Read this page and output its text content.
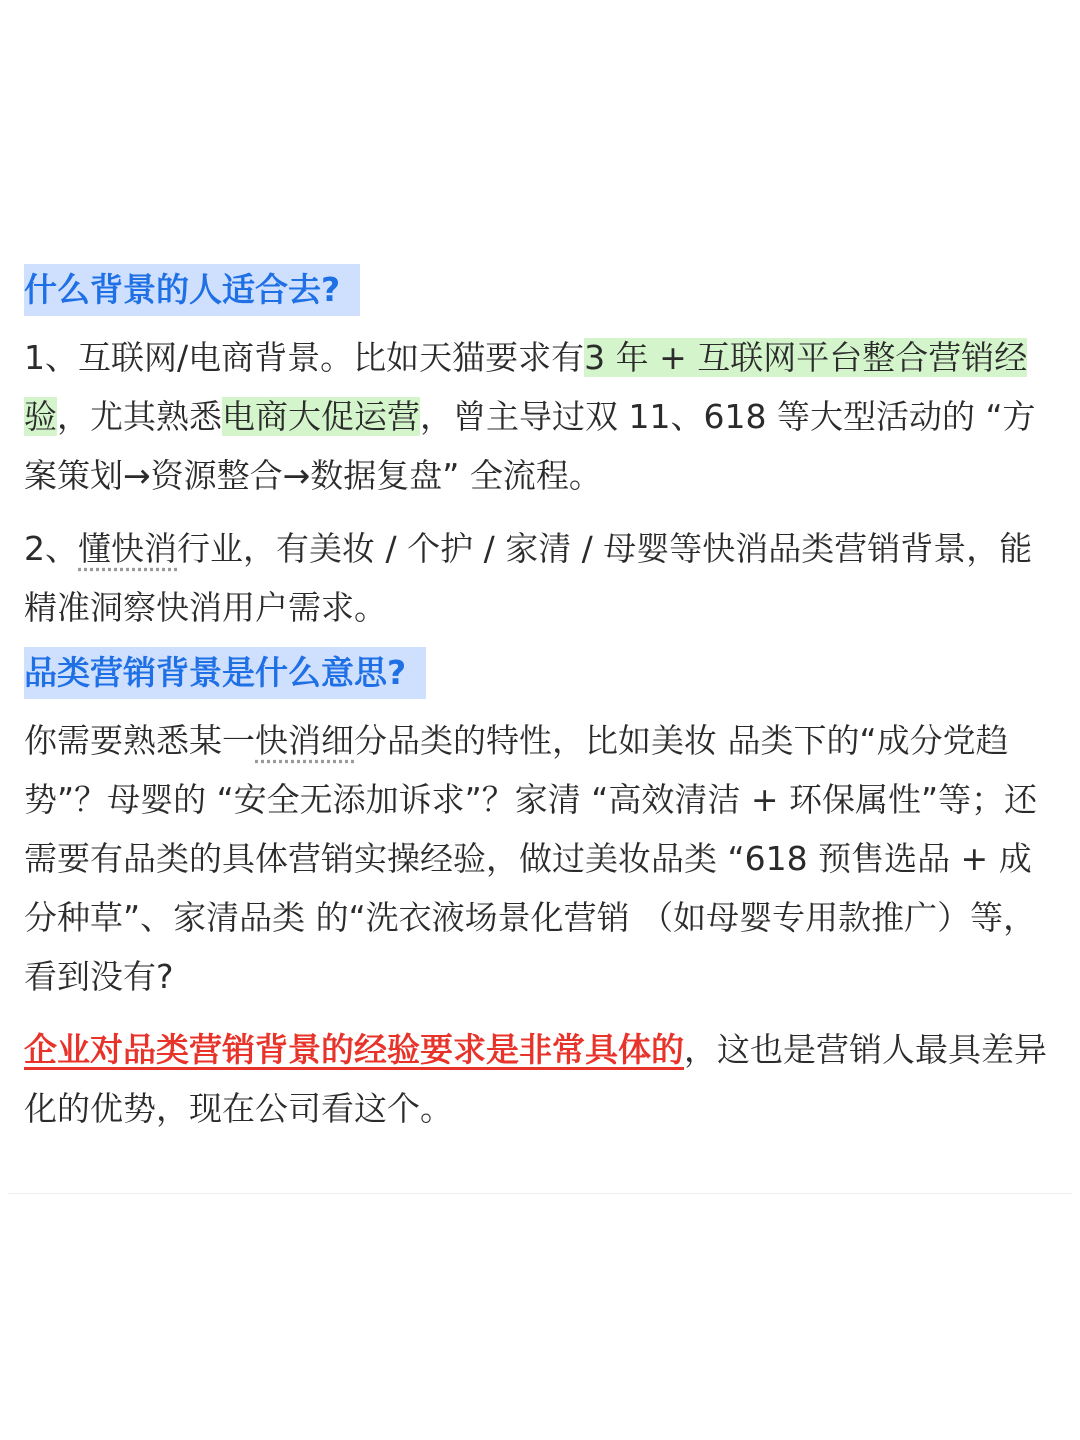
什么背景的人适合去?

1、互联网/电商背景。比如天猫要求有3 年 + 互联网平台整合营销经验，尤其熟悉电商大促运营，曾主导过双 11、618 等大型活动的 “方案策划→资源整合→数据复盘” 全流程。

2、懂快消行业，有美妆 / 个护 / 家清 / 母婴等快消品类营销背景，能精准洞察快消用户需求。

品类营销背景是什么意思?

你需要熟悉某一快消细分品类的特性，比如美妆 品类下的“成分党趋势”？母婴的 “安全无添加诉求”？家清 “高效清洁 + 环保属性”等；还需要有品类的具体营销实操经验，做过美妆品类 “618 预售选品 + 成分种草”、家清品类 的“洗衣液场景化营销 （如母婴专用款推广）等，看到没有?

企业对品类营销背景的经验要求是非常具体的，这也是营销人最具差异化的优势，现在公司看这个。
